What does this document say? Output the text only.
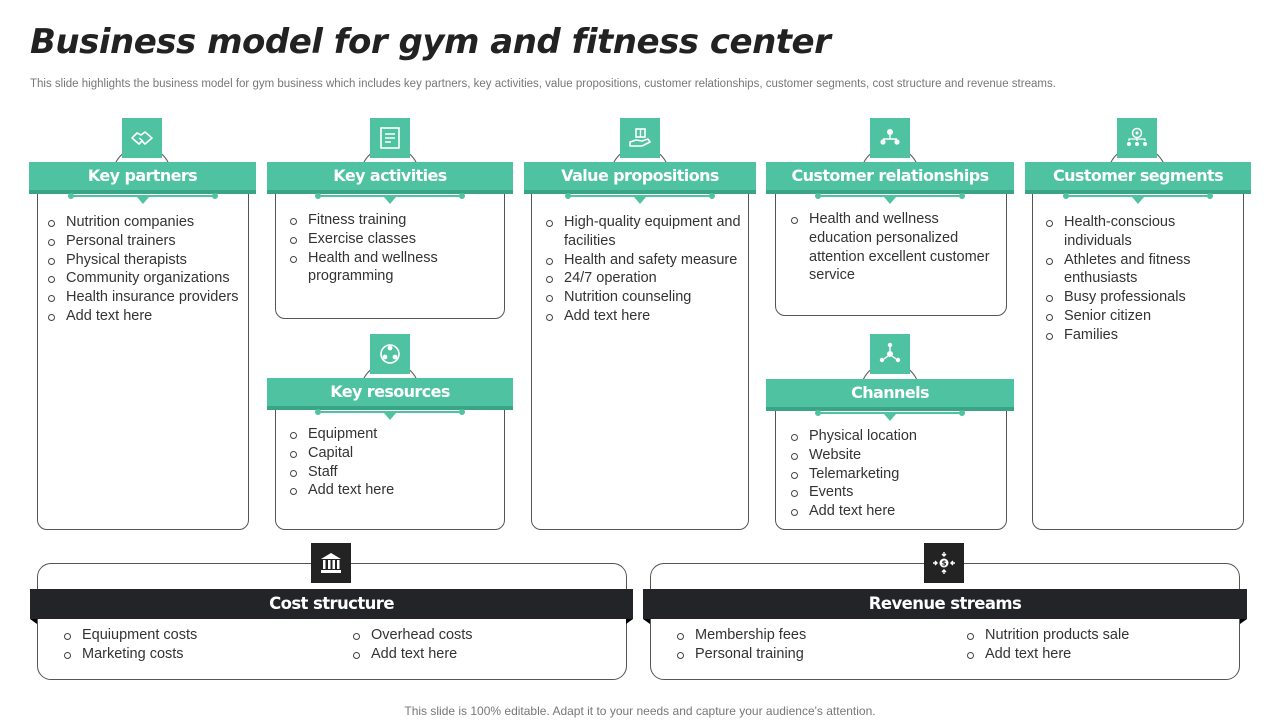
Business model for gym and fitness center
This slide highlights the business model for gym business which includes key partners, key activities, value propositions, customer relationships, customer segments, cost structure and revenue streams.
Key partners
Nutrition companies
Personal trainers
Physical therapists
Community organizations
Health insurance providers
Add text here
Key activities
Fitness training
Exercise classes
Health and wellness programming
Key resources
Equipment
Capital
Staff
Add text here
Value propositions
High-quality equipment and facilities
Health and safety measure
24/7 operation
Nutrition counseling
Add text here
Customer relationships
Health and wellness education personalized attention excellent customer service
Channels
Physical location
Website
Telemarketing
Events
Add text here
Customer segments
Health-conscious individuals
Athletes and fitness enthusiasts
Busy professionals
Senior citizen
Families
Cost structure
Equiupment costs
Marketing costs
Overhead costs
Add text here
$
Revenue streams
Membership fees
Personal training
Nutrition products sale
Add text here
This slide is 100% editable. Adapt it to your needs and capture your audience's attention.
